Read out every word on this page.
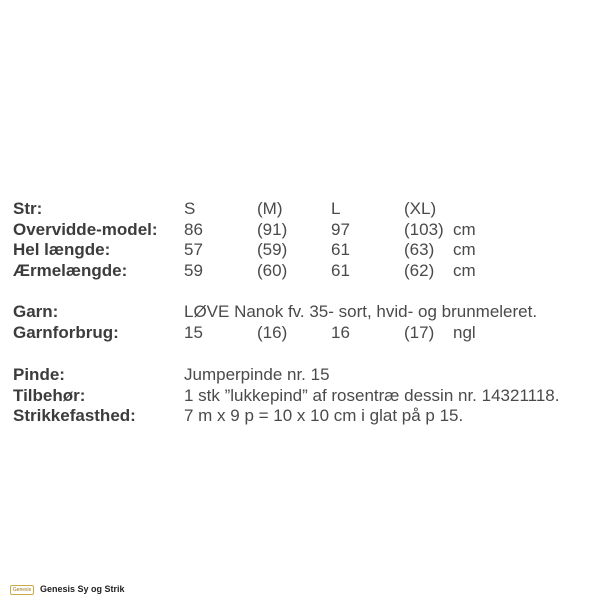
Str:	S	(M)	L	(XL)
Overvidde-model: 86	(91)	97	(103) cm
Hel længde:	57	(59)	61	(63) cm
Ærmelængde:	59	(60)	61	(62) cm
Garn:	LØVE Nanok fv. 35- sort, hvid- og brunmeleret.
Garnforbrug:	15	(16)	16	(17) ngl
Pinde:	Jumperpinde nr. 15
Tilbehør:	1 stk ”lukkepind” af rosentræ dessin nr. 14321118.
Strikkefasthed:	7 m x 9 p = 10 x 10 cm i glat på p 15.
Genesis Genesis Sy og Strik
